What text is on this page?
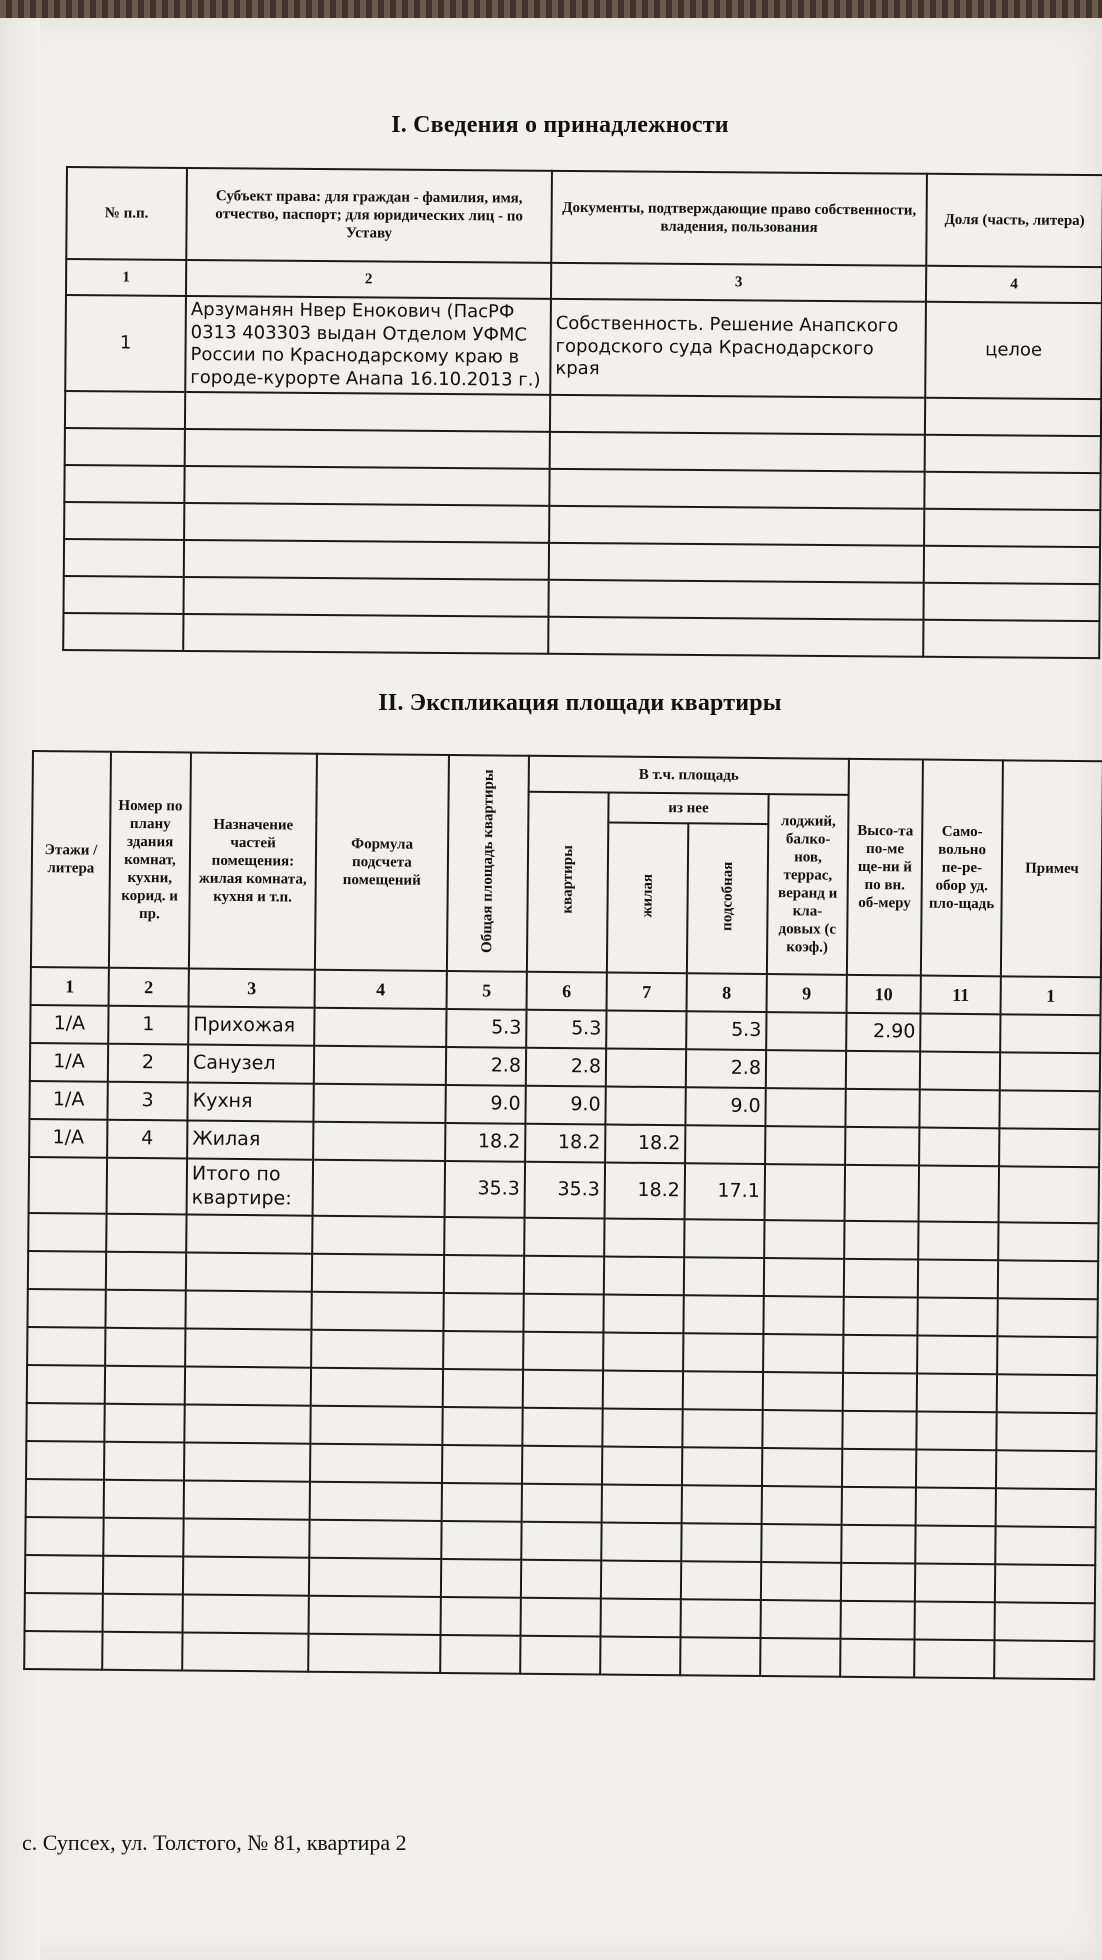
I. Сведения о принадлежности
№ п.п.	Субъект права: для граждан - фамилия, имя, отчество, паспорт; для юридических лиц - по Уставу	Документы, подтверждающие право собственности, владения, пользования	Доля (часть, литера)
1	2	3	4
1	Арзуманян Нвер Енокович (ПасРФ 0313 403303 выдан Отделом УФМС России по Краснодарскому краю в городе-курорте Анапа 16.10.2013 г.)	Собственность. Решение Анапского городского суда Краснодарского края	целое

II. Экспликация площади квартиры
Этажи / литера	Номер по плану здания комнат, кухни, корид. и пр.	Назначение частей помещения: жилая комната, кухня и т.п.	Формула подсчета помещений	Общая площадь квартиры	В т.ч. площадь				Высо-та по-ме ще-ни й по вн. об-меру	Само-вольно пе-ре-обор уд. пло-щадь	Примеч
					квартиры	из нее		лоджий, балко-нов, террас, веранд и кла-довых (с коэф.)			
						жилая	подсобная				
1	2	3	4	5	6	7	8	9	10	11	1
1/А	1	Прихожая		5.3	5.3		5.3		2.90		
1/А	2	Санузел		2.8	2.8		2.8				
1/А	3	Кухня		9.0	9.0		9.0				
1/А	4	Жилая		18.2	18.2	18.2					
		Итого по квартире:		35.3	35.3	18.2	17.1				

с. Супсех, ул. Толстого, № 81, квартира 2
